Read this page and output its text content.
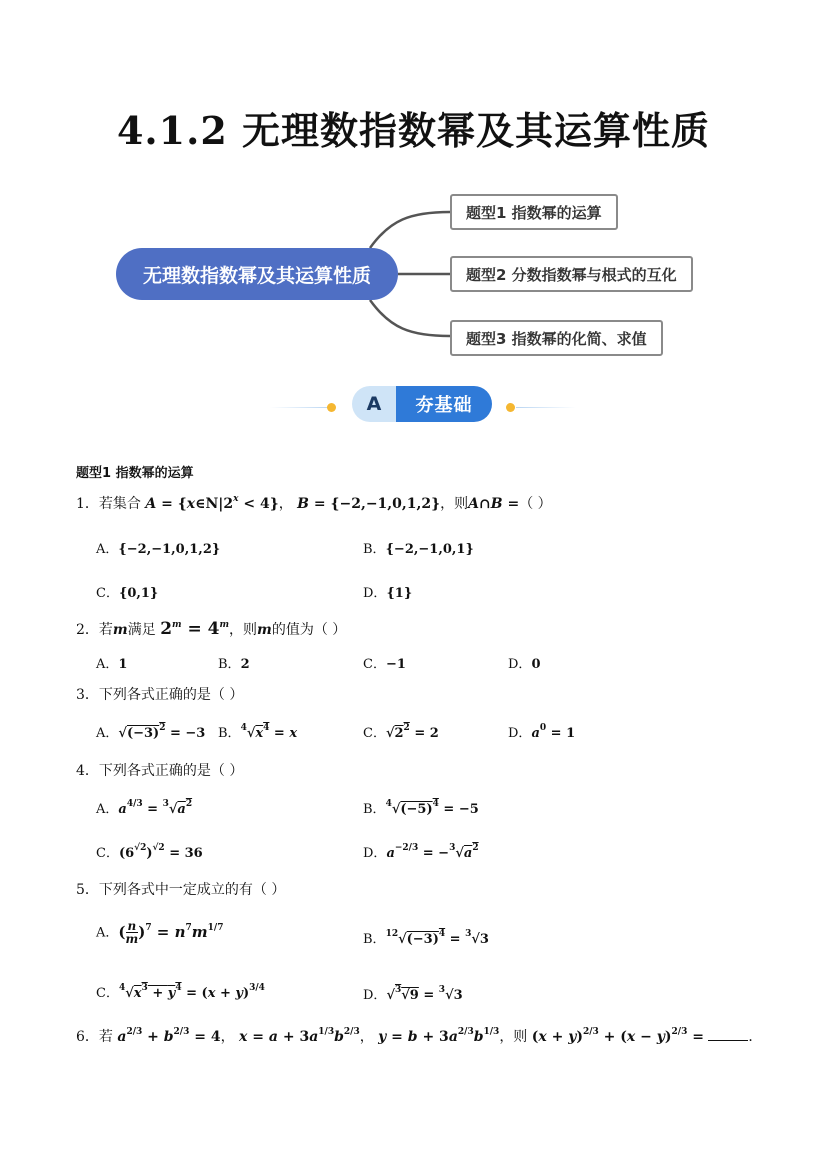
4.1.2 无理数指数幂及其运算性质
无理数指数幂及其运算性质
题型1 指数幂的运算
题型2 分数指数幂与根式的互化
题型3 指数幂的化简、求值
A	夯基础
题型1 指数幂的运算
1．若集合 $A = \{x\in N|2^x < 4\}$， B = {−2,−1,0,1,2}，则A∩B =（ ）
A．{−2,−1,0,1,2}	B．{−2,−1,0,1}
C．{0,1}	D．{1}
2．若m满足 $2^m = 4^m$，则m的值为（ ）
A．1	B．2	C．−1	D．0
3．下列各式正确的是（ ）
A．$√(-3)^2 = -3$ B．$^4√x^4 = x$	C．$√2^2 = 2$	D．$a^0 = 1$
4．下列各式正确的是（ ）
A．$a^{4/3} = ^3√a^2$	B．$^4√(-5)^4 = -5$
C．$(6^{√2})^{√2} = 36$	D．$a^{-2/3} = -^3√a^2$
5．下列各式中一定成立的有（ ）
A．( $\frac{n}{m} )^7 = n^7m^{1/7}$
B．$^{12}√(-3)^4 = ^3√3$
C．$^4√x^3 + y^4 = (x + y)^{3/4}$	D．√$^3$√9 = $^3$√3
6．若 $a^{2/3} + b^{2/3} = 4$， $x = a + 3a^{1/3}b^{2/3}$， $y = b + 3a^{2/3}b^{1/3}$，则 $(x + y)^{2/3} + (x - y)^{2/3}$ =	．
